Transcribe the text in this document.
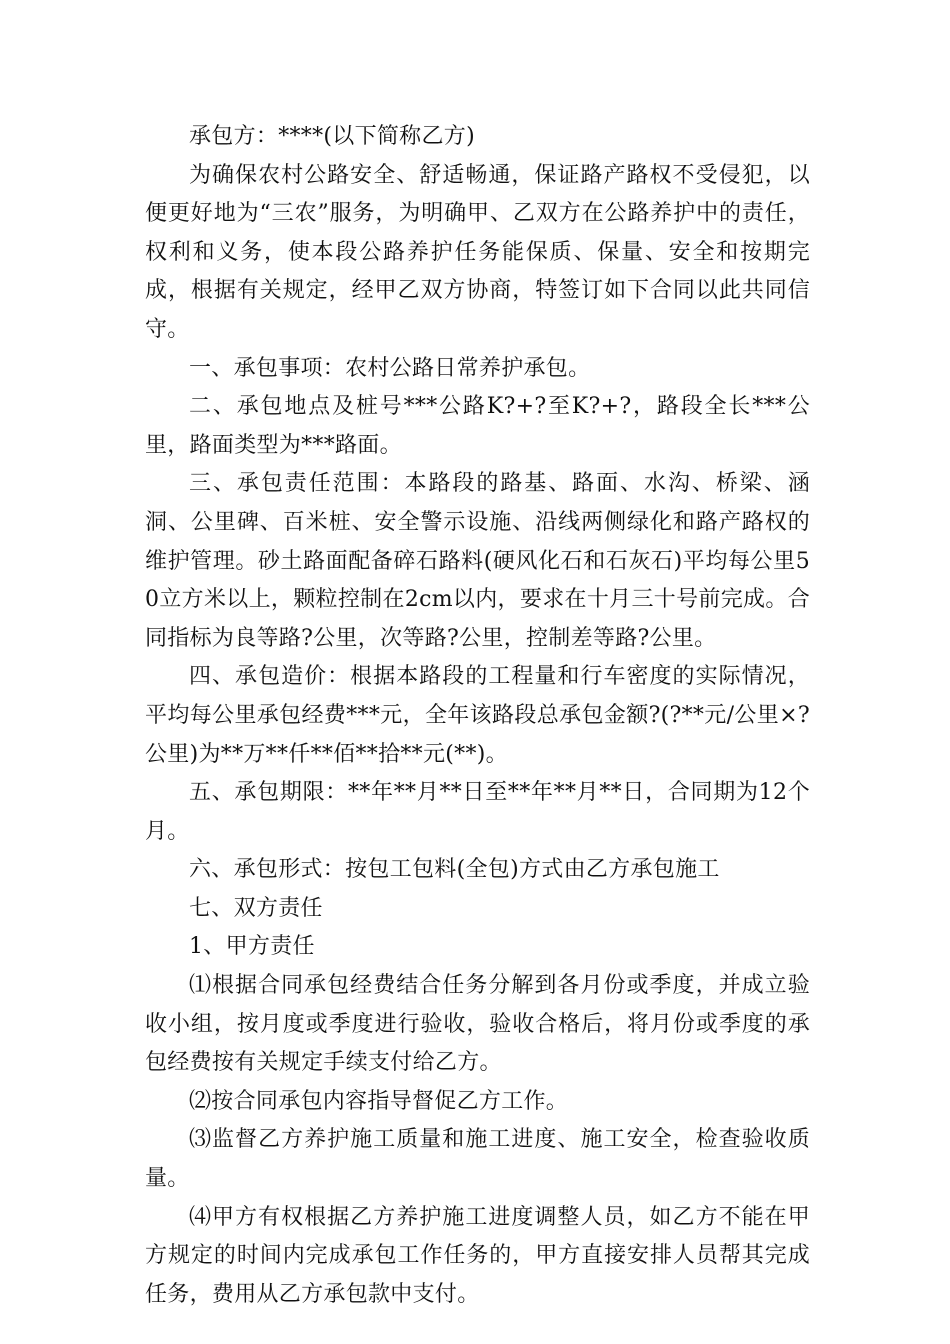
承包方：****(以下简称乙方)

为确保农村公路安全、舒适畅通，保证路产路权不受侵犯，以便更好地为“三农”服务，为明确甲、乙双方在公路养护中的责任，权利和义务，使本段公路养护任务能保质、保量、安全和按期完成，根据有关规定，经甲乙双方协商，特签订如下合同以此共同信守。

一、承包事项：农村公路日常养护承包。

二、承包地点及桩号***公路K?+?至K?+?，路段全长***公里，路面类型为***路面。

三、承包责任范围：本路段的路基、路面、水沟、桥梁、涵洞、公里碑、百米桩、安全警示设施、沿线两侧绿化和路产路权的维护管理。砂土路面配备碎石路料(硬风化石和石灰石)平均每公里50立方米以上，颗粒控制在2cm以内，要求在十月三十号前完成。合同指标为良等路?公里，次等路?公里，控制差等路?公里。

四、承包造价：根据本路段的工程量和行车密度的实际情况，平均每公里承包经费***元，全年该路段总承包金额?(?**元/公里×?公里)为**万**仟**佰**拾**元(**)。

五、承包期限：**年**月**日至**年**月**日，合同期为12个月。

六、承包形式：按包工包料(全包)方式由乙方承包施工

七、双方责任

1、甲方责任

⑴根据合同承包经费结合任务分解到各月份或季度，并成立验收小组，按月度或季度进行验收，验收合格后，将月份或季度的承包经费按有关规定手续支付给乙方。

⑵按合同承包内容指导督促乙方工作。

⑶监督乙方养护施工质量和施工进度、施工安全，检查验收质量。

⑷甲方有权根据乙方养护施工进度调整人员，如乙方不能在甲方规定的时间内完成承包工作任务的，甲方直接安排人员帮其完成任务，费用从乙方承包款中支付。
